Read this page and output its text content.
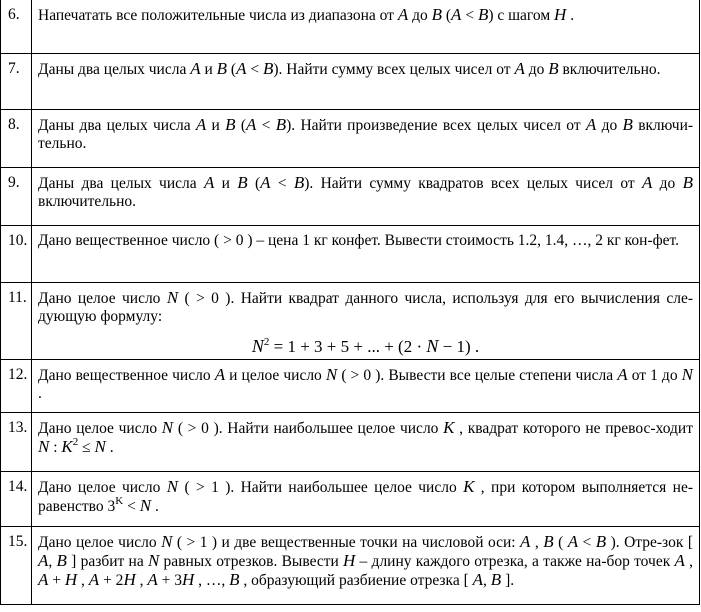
6.	Напечатать все положительные числа из диапазона от A до B (A < B) с шагом H .
7.	Даны два целых числа A и B (A < B). Найти сумму всех целых чисел от A до B включительно.
8.	Даны два целых числа A и B (A < B). Найти произведение всех целых чисел от A до B включи-тельно.
9.	Даны два целых числа A и B (A < B). Найти сумму квадратов всех целых чисел от A до B включительно.
10.	Дано вещественное число ( > 0 ) – цена 1 кг конфет. Вывести стоимость 1.2, 1.4, …, 2 кг кон-фет.
11.	Дано целое число N ( > 0 ). Найти квадрат данного числа, используя для его вычисления сле-дующую формулу:
$N^2 = 1 + 3 + 5$ + ... + (2 · N − 1) .

12.	Дано вещественное число A и целое число N ( > 0 ). Вывести все целые степени числа A от 1 до N .
13.	Дано целое число N ( > 0 ). Найти наибольшее целое число K , квадрат которого не превос-ходит N : $K^2 \le N$ .
14.	Дано целое число N ( > 1 ). Найти наибольшее целое число K , при котором выполняется не-равенство $3^K < N$ .
15.	Дано целое число N ( > 1 ) и две вещественные точки на числовой оси: A , B ( A < B ). Отре-зок [ A, B ] разбит на N равных отрезков. Вывести H – длину каждого отрезка, а также на-бор точек A , A + H , A + 2H , A + 3H , …, B , образующий разбиение отрезка [ A, B ].
